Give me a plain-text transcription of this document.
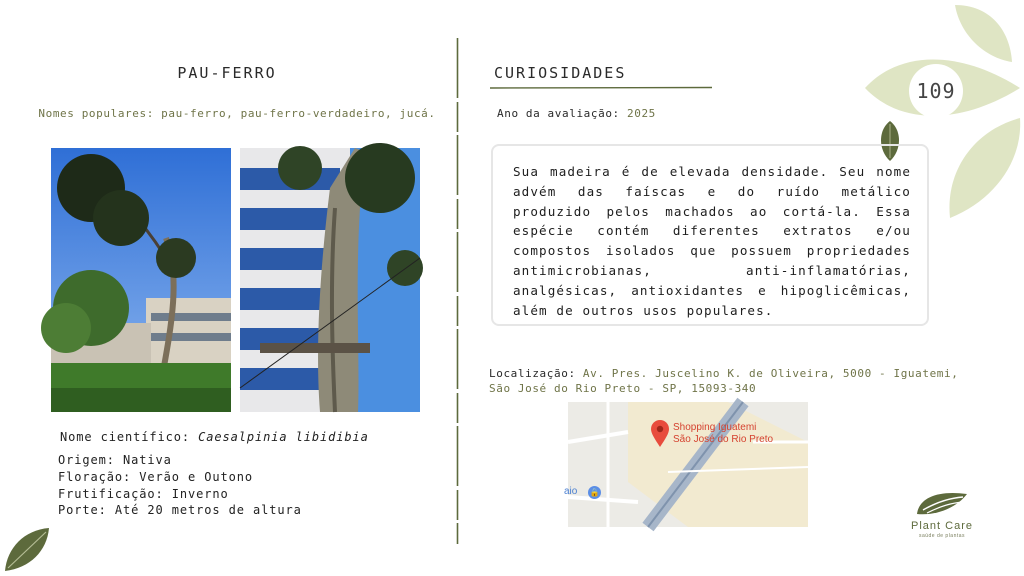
109
PAU-FERRO
Nomes populares: pau-ferro, pau-ferro-verdadeiro, jucá.
Nome científico: Caesalpinia libidibia
Origem: Nativa
Floração: Verão e Outono
Frutificação: Inverno
Porte: Até 20 metros de altura
CURIOSIDADES
Ano da avaliação: 2025
Sua madeira é de elevada densidade. Seu nome advém das faíscas e do ruído metálico produzido pelos machados ao cortá-la. Essa espécie contém diferentes extratos e/ou compostos isolados que possuem propriedades antimicrobianas, anti-inflamatórias, analgésicas, antioxidantes e hipoglicêmicas, além de outros usos populares.
Localização: Av. Pres. Juscelino K. de Oliveira, 5000 - Iguatemi, São José do Rio Preto - SP, 15093-340
Shopping Iguatemi
São José do Rio Preto
aio 🔒
Plant Care
saúde de plantas
